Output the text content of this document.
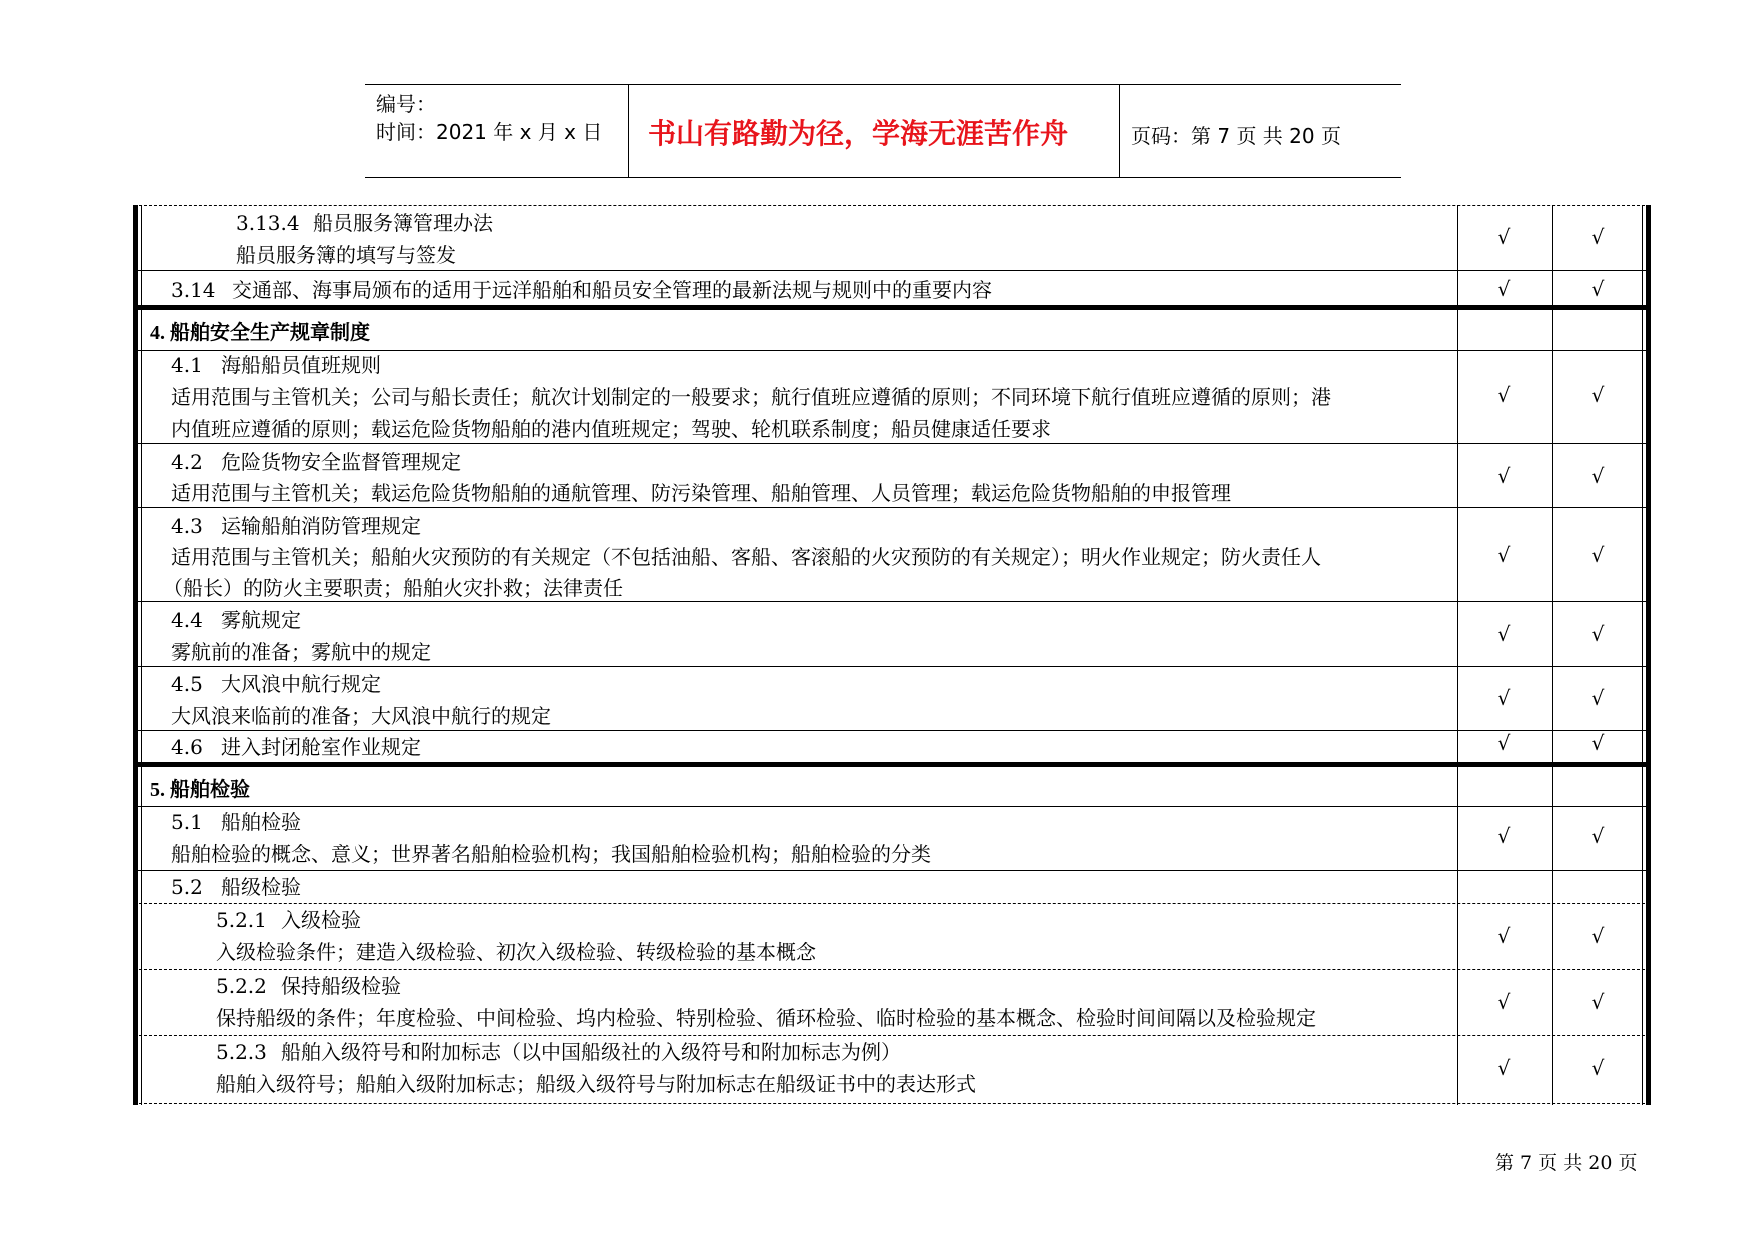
编号：
时间：2021 年 x 月 x 日	书山有路勤为径，学海无涯苦作舟	页码：第 7 页 共 20 页
3.13.4 船员服务簿管理办法
船员服务簿的填写与签发
√	√
3.14 交通部、海事局颁布的适用于远洋船舶和船员安全管理的最新法规与规则中的重要内容	√	√
4. 船舶安全生产规章制度
4.1 海船船员值班规则
适用范围与主管机关；公司与船长责任；航次计划制定的一般要求；航行值班应遵循的原则；不同环境下航行值班应遵循的原则；港
内值班应遵循的原则；载运危险货物船舶的港内值班规定；驾驶、轮机联系制度；船员健康适任要求
√	√
4.2 危险货物安全监督管理规定
适用范围与主管机关；载运危险货物船舶的通航管理、防污染管理、船舶管理、人员管理；载运危险货物船舶的申报管理
√	√
4.3 运输船舶消防管理规定
适用范围与主管机关；船舶火灾预防的有关规定（不包括油船、客船、客滚船的火灾预防的有关规定）；明火作业规定；防火责任人
（船长）的防火主要职责；船舶火灾扑救；法律责任
√	√
4.4 雾航规定
雾航前的准备；雾航中的规定
√	√
4.5 大风浪中航行规定
大风浪来临前的准备；大风浪中航行的规定
√	√
4.6 进入封闭舱室作业规定	√	√
5. 船舶检验
5.1 船舶检验
船舶检验的概念、意义；世界著名船舶检验机构；我国船舶检验机构；船舶检验的分类
√	√
5.2 船级检验
5.2.1 入级检验
入级检验条件；建造入级检验、初次入级检验、转级检验的基本概念
√	√
5.2.2 保持船级检验
保持船级的条件；年度检验、中间检验、坞内检验、特别检验、循环检验、临时检验的基本概念、检验时间间隔以及检验规定
√	√
5.2.3 船舶入级符号和附加标志（以中国船级社的入级符号和附加标志为例）
船舶入级符号；船舶入级附加标志；船级入级符号与附加标志在船级证书中的表达形式
√	√
第 7 页 共 20 页
